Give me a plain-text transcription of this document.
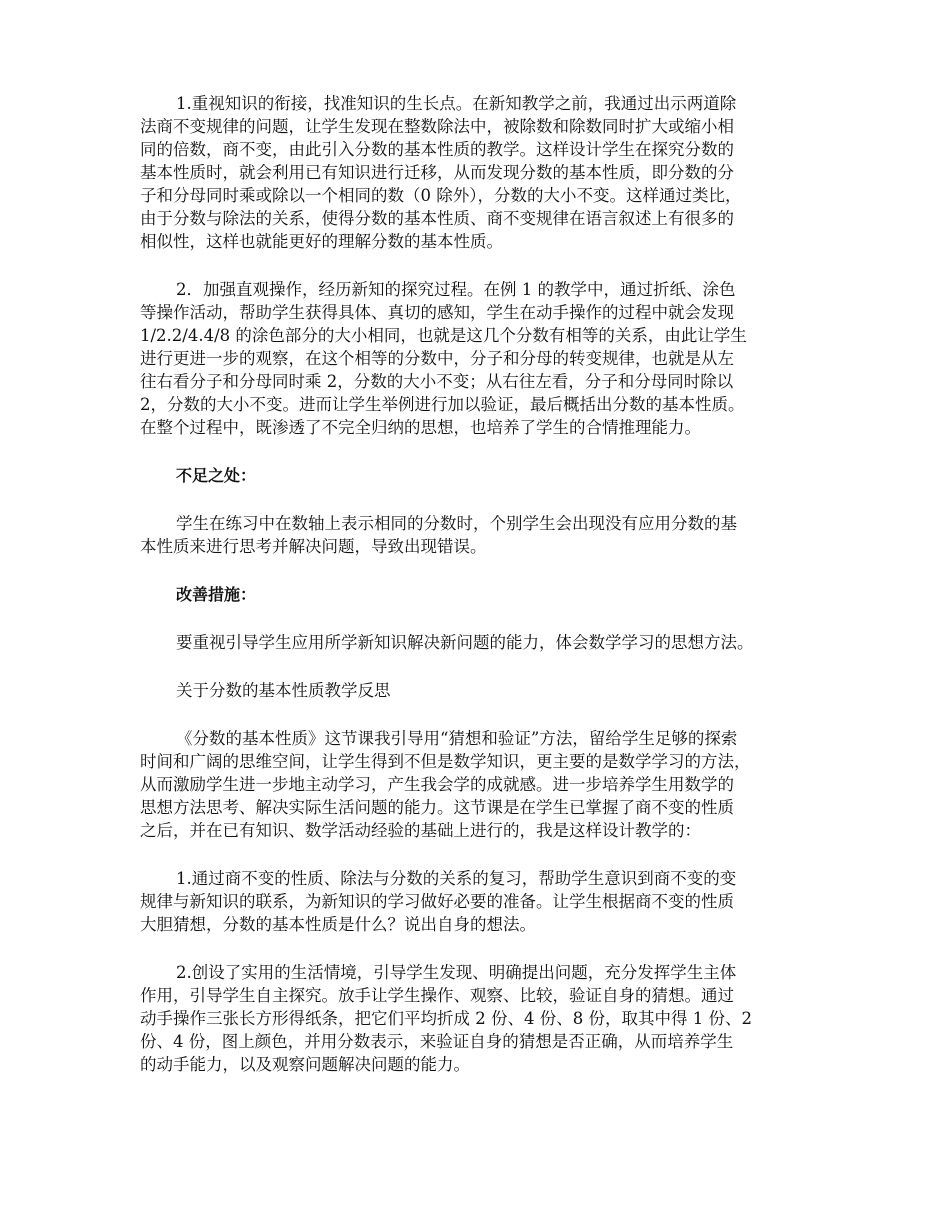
1.重视知识的衔接，找准知识的生长点。在新知教学之前，我通过出示两道除
法商不变规律的问题，让学生发现在整数除法中，被除数和除数同时扩大或缩小相
同的倍数，商不变，由此引入分数的基本性质的教学。这样设计学生在探究分数的
基本性质时，就会利用已有知识进行迁移，从而发现分数的基本性质，即分数的分
子和分母同时乘或除以一个相同的数（0 除外），分数的大小不变。这样通过类比，
由于分数与除法的关系，使得分数的基本性质、商不变规律在语言叙述上有很多的
相似性，这样也就能更好的理解分数的基本性质。
2．加强直观操作，经历新知的探究过程。在例 1 的教学中，通过折纸、涂色
等操作活动，帮助学生获得具体、真切的感知，学生在动手操作的过程中就会发现
1/2.2/4.4/8 的涂色部分的大小相同，也就是这几个分数有相等的关系，由此让学生
进行更进一步的观察，在这个相等的分数中，分子和分母的转变规律，也就是从左
往右看分子和分母同时乘 2，分数的大小不变；从右往左看，分子和分母同时除以
2，分数的大小不变。进而让学生举例进行加以验证，最后概括出分数的基本性质。
在整个过程中，既渗透了不完全归纳的思想，也培养了学生的合情推理能力。
不足之处：
学生在练习中在数轴上表示相同的分数时，个别学生会出现没有应用分数的基
本性质来进行思考并解决问题，导致出现错误。
改善措施：
要重视引导学生应用所学新知识解决新问题的能力，体会数学学习的思想方法。
关于分数的基本性质教学反思
《分数的基本性质》这节课我引导用“猜想和验证”方法，留给学生足够的探索
时间和广阔的思维空间，让学生得到不但是数学知识，更主要的是数学学习的方法，
从而激励学生进一步地主动学习，产生我会学的成就感。进一步培养学生用数学的
思想方法思考、解决实际生活问题的能力。这节课是在学生已掌握了商不变的性质
之后，并在已有知识、数学活动经验的基础上进行的，我是这样设计教学的：
1.通过商不变的性质、除法与分数的关系的复习，帮助学生意识到商不变的变
规律与新知识的联系，为新知识的学习做好必要的准备。让学生根据商不变的性质
大胆猜想，分数的基本性质是什么？说出自身的想法。
2.创设了实用的生活情境，引导学生发现、明确提出问题，充分发挥学生主体
作用，引导学生自主探究。放手让学生操作、观察、比较，验证自身的猜想。通过
动手操作三张长方形得纸条，把它们平均折成 2 份、4 份、8 份，取其中得 1 份、2
份、4 份，图上颜色，并用分数表示，来验证自身的猜想是否正确，从而培养学生
的动手能力，以及观察问题解决问题的能力。
